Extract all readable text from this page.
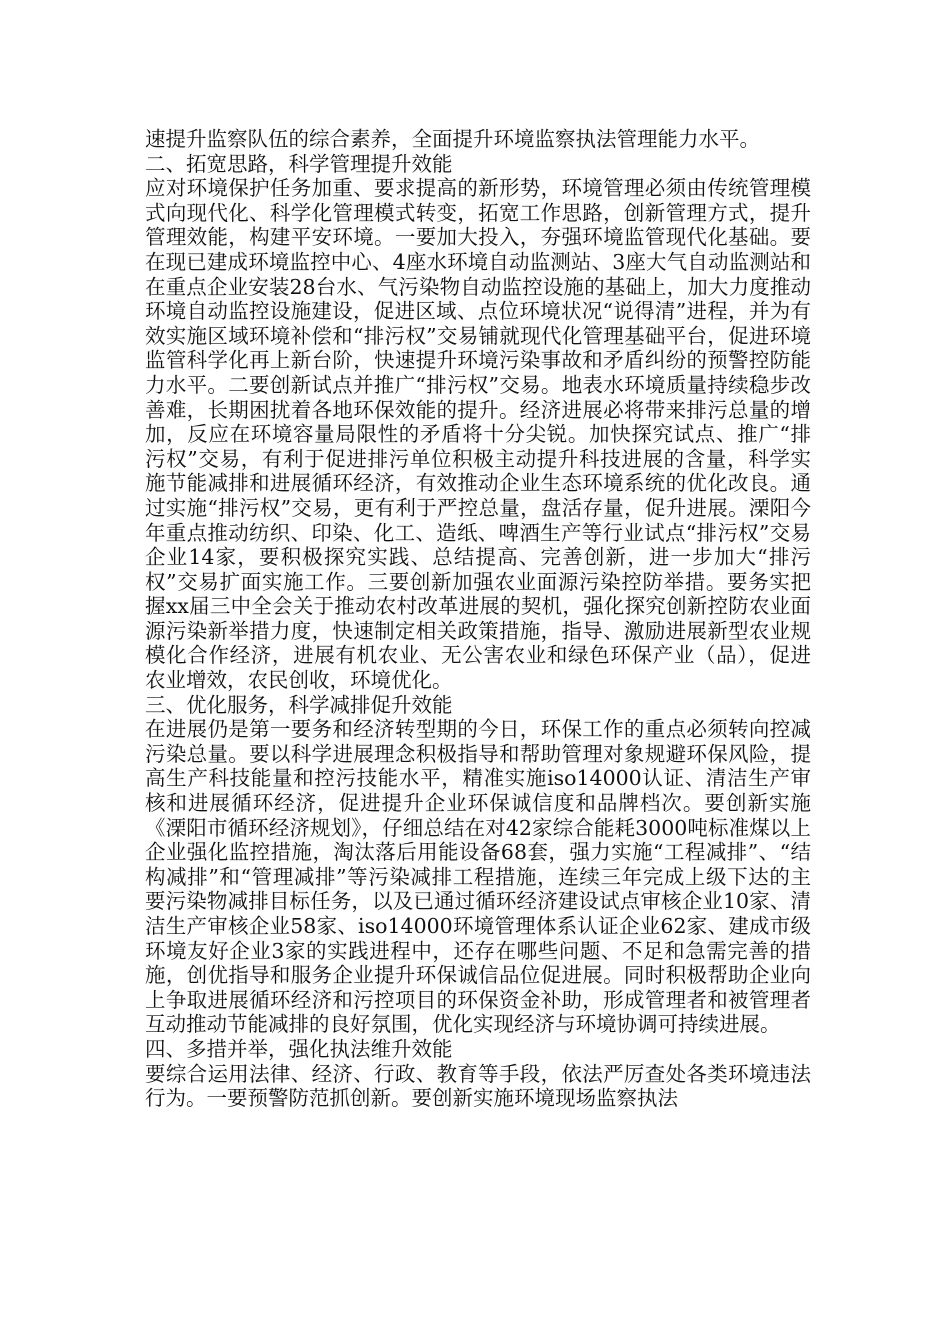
速提升监察队伍的综合素养，全面提升环境监察执法管理能力水平。

二、拓宽思路，科学管理提升效能

应对环境保护任务加重、要求提高的新形势，环境管理必须由传统管理模式向现代化、科学化管理模式转变，拓宽工作思路，创新管理方式，提升管理效能，构建平安环境。一要加大投入，夯强环境监管现代化基础。要在现已建成环境监控中心、4座水环境自动监测站、3座大气自动监测站和在重点企业安装28台水、气污染物自动监控设施的基础上，加大力度推动环境自动监控设施建设，促进区域、点位环境状况“说得清”进程，并为有效实施区域环境补偿和“排污权”交易铺就现代化管理基础平台，促进环境监管科学化再上新台阶，快速提升环境污染事故和矛盾纠纷的预警控防能力水平。二要创新试点并推广“排污权”交易。地表水环境质量持续稳步改善难，长期困扰着各地环保效能的提升。经济进展必将带来排污总量的增加，反应在环境容量局限性的矛盾将十分尖锐。加快探究试点、推广“排污权”交易，有利于促进排污单位积极主动提升科技进展的含量，科学实施节能减排和进展循环经济，有效推动企业生态环境系统的优化改良。通过实施“排污权”交易，更有利于严控总量，盘活存量，促升进展。溧阳今年重点推动纺织、印染、化工、造纸、啤酒生产等行业试点“排污权”交易企业14家，要积极探究实践、总结提高、完善创新，进一步加大“排污权”交易扩面实施工作。三要创新加强农业面源污染控防举措。要务实把握xx届三中全会关于推动农村改革进展的契机，强化探究创新控防农业面源污染新举措力度，快速制定相关政策措施，指导、激励进展新型农业规模化合作经济，进展有机农业、无公害农业和绿色环保产业（品），促进农业增效，农民创收，环境优化。

三、优化服务，科学减排促升效能

在进展仍是第一要务和经济转型期的今日，环保工作的重点必须转向控减污染总量。要以科学进展理念积极指导和帮助管理对象规避环保风险，提高生产科技能量和控污技能水平，精准实施iso14000认证、清洁生产审核和进展循环经济，促进提升企业环保诚信度和品牌档次。要创新实施《溧阳市循环经济规划》，仔细总结在对42家综合能耗3000吨标准煤以上企业强化监控措施，淘汰落后用能设备68套，强力实施“工程减排”、“结构减排”和“管理减排”等污染减排工程措施，连续三年完成上级下达的主要污染物减排目标任务，以及已通过循环经济建设试点审核企业10家、清洁生产审核企业58家、iso14000环境管理体系认证企业62家、建成市级环境友好企业3家的实践进程中，还存在哪些问题、不足和急需完善的措施，创优指导和服务企业提升环保诚信品位促进展。同时积极帮助企业向上争取进展循环经济和污控项目的环保资金补助，形成管理者和被管理者互动推动节能减排的良好氛围，优化实现经济与环境协调可持续进展。

四、多措并举，强化执法维升效能

要综合运用法律、经济、行政、教育等手段，依法严厉查处各类环境违法行为。一要预警防范抓创新。要创新实施环境现场监察执法
